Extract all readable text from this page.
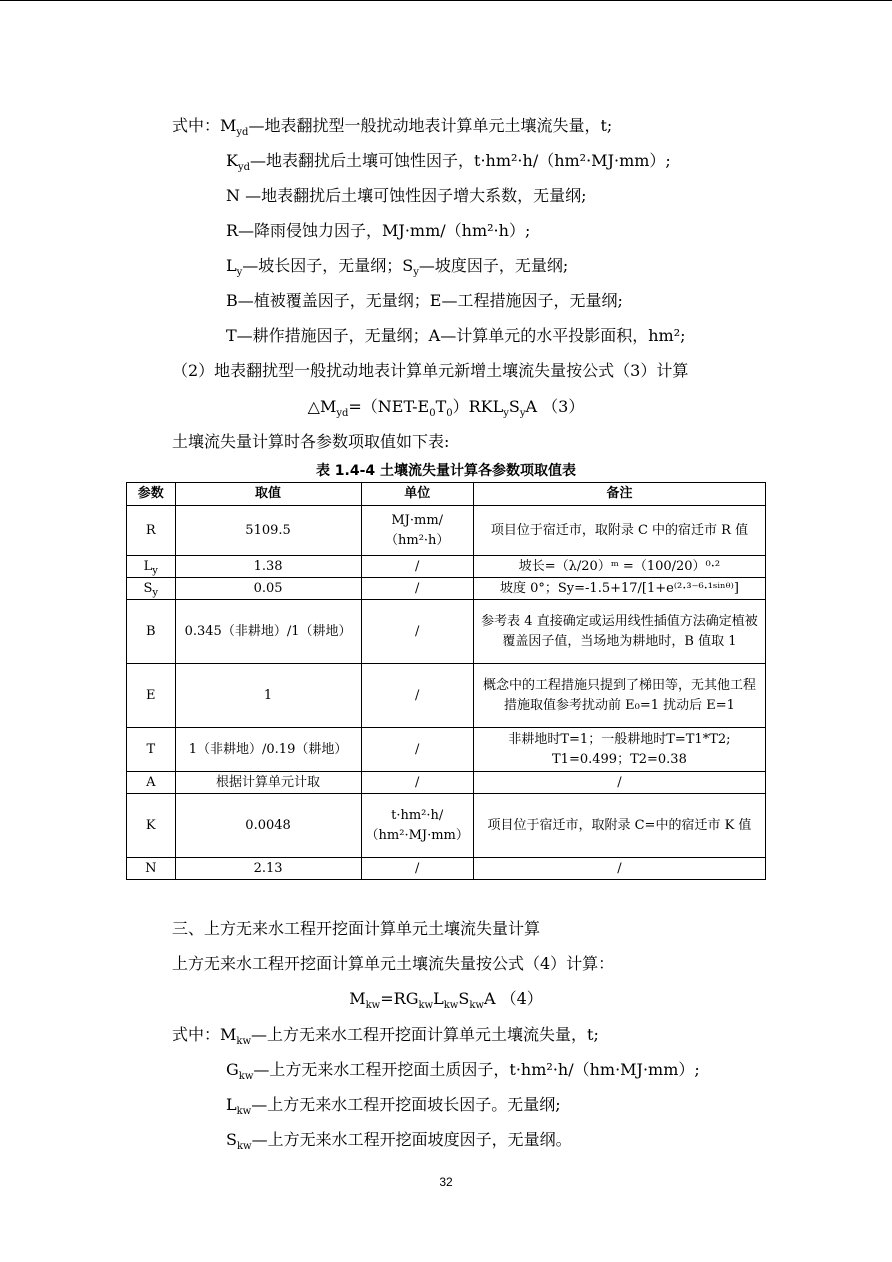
式中：$M_{yd}—$地表翻扰型一般扰动地表计算单元土壤流失量，t;
$K_{yd}—$地表翻扰后土壤可蚀性因子，t·hm²·h/（hm²·MJ·mm）;
N —地表翻扰后土壤可蚀性因子增大系数，无量纲;
R—降雨侵蚀力因子，MJ·mm/（hm²·h）;
$L_y—$坡长因子，无量纲；$S_y—$坡度因子，无量纲;
B—植被覆盖因子，无量纲；E—工程措施因子，无量纲;
T—耕作措施因子，无量纲；A—计算单元的水平投影面积，hm²;
（2）地表翻扰型一般扰动地表计算单元新增土壤流失量按公式（3）计算
$\triangle M_{yd}=(NET-E_0T_0)RKL_yS_yA$ （3）
土壤流失量计算时各参数项取值如下表:
表 1.4-4 土壤流失量计算各参数项取值表
参数	取值	单位	备注
R	5109.5	MJ·mm/（hm²·h）	项目位于宿迁市，取附录 C 中的宿迁市 R 值
$L_y$	1.38	/	坡长=（λ/20）ᵐ =（100/20）⁰·²
$S_y$	0.05	/	坡度 0°；Sy=-1.5+17/[1+e⁽²·³⁻⁶·¹ˢⁱⁿᶿ⁾]
B	0.345（非耕地）/1（耕地）	/	参考表 4 直接确定或运用线性插值方法确定植被覆盖因子值，当场地为耕地时，B 值取 1
E	1	/	概念中的工程措施只提到了梯田等，无其他工程措施取值参考扰动前 E₀=1 扰动后 E=1
T	1（非耕地）/0.19（耕地）	/	非耕地时T=1；一般耕地时T=T1*T2; T1=0.499；T2=0.38
A	根据计算单元计取	/	/
K	0.0048	t·hm²·h/（hm²·MJ·mm）	项目位于宿迁市，取附录 C=中的宿迁市 K 值
N	2.13	/	/
三、上方无来水工程开挖面计算单元土壤流失量计算
上方无来水工程开挖面计算单元土壤流失量按公式（4）计算：
$M_{kw}=RG_{kw}L_{kw}S_{kw}A$ （4）
式中：$M_{kw}—$上方无来水工程开挖面计算单元土壤流失量，t;
$G_{kw}—$上方无来水工程开挖面土质因子，t·hm²·h/（hm·MJ·mm）;
$L_{kw}—$上方无来水工程开挖面坡长因子。无量纲;
$S_{kw}—$上方无来水工程开挖面坡度因子，无量纲。
32
